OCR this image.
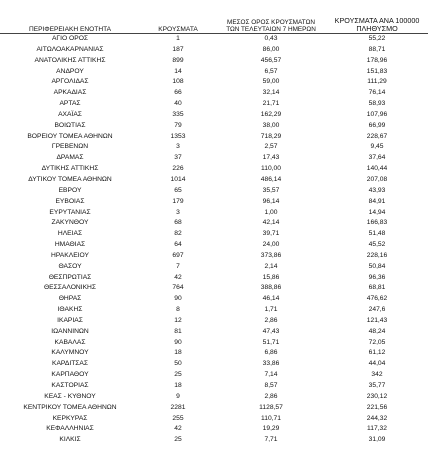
ΠΕΡΙΦΕΡΕΙΑΚΗ ΕΝΟΤΗΤΑ	ΚΡΟΥΣΜΑΤΑ	ΜΕΣΟΣ ΟΡΟΣ ΚΡΟΥΣΜΑΤΩΝ
ΤΩΝ ΤΕΛΕΥΤΑΙΩΝ 7 ΗΜΕΡΩΝ	ΚΡΟΥΣΜΑΤΑ ΑΝΑ 100000
ΠΛΗΘΥΣΜΟ

ΑΓΙΟ ΟΡΟΣ	1	0,43	55,22
ΑΙΤΩΛΟΑΚΑΡΝΑΝΙΑΣ	187	86,00	88,71
ΑΝΑΤΟΛΙΚΗΣ ΑΤΤΙΚΗΣ	899	456,57	178,96
ΑΝΔΡΟΥ	14	6,57	151,83
ΑΡΓΟΛΙΔΑΣ	108	59,00	111,29
ΑΡΚΑΔΙΑΣ	66	32,14	76,14
ΑΡΤΑΣ	40	21,71	58,93
ΑΧΑΪΑΣ	335	162,29	107,96
ΒΟΙΩΤΙΑΣ	79	38,00	66,99
ΒΟΡΕΙΟΥ ΤΟΜΕΑ ΑΘΗΝΩΝ	1353	718,29	228,67
ΓΡΕΒΕΝΩΝ	3	2,57	9,45
ΔΡΑΜΑΣ	37	17,43	37,64
ΔΥΤΙΚΗΣ ΑΤΤΙΚΗΣ	226	110,00	140,44
ΔΥΤΙΚΟΥ ΤΟΜΕΑ ΑΘΗΝΩΝ	1014	486,14	207,08
ΕΒΡΟΥ	65	35,57	43,93
ΕΥΒΟΙΑΣ	179	96,14	84,91
ΕΥΡΥΤΑΝΙΑΣ	3	1,00	14,94
ΖΑΚΥΝΘΟΥ	68	42,14	166,83
ΗΛΕΙΑΣ	82	39,71	51,48
ΗΜΑΘΙΑΣ	64	24,00	45,52
ΗΡΑΚΛΕΙΟΥ	697	373,86	228,16
ΘΑΣΟΥ	7	2,14	50,84
ΘΕΣΠΡΩΤΙΑΣ	42	15,86	96,36
ΘΕΣΣΑΛΟΝΙΚΗΣ	764	388,86	68,81
ΘΗΡΑΣ	90	46,14	476,62
ΙΘΑΚΗΣ	8	1,71	247,6
ΙΚΑΡΙΑΣ	12	2,86	121,43
ΙΩΑΝΝΙΝΩΝ	81	47,43	48,24
ΚΑΒΑΛΑΣ	90	51,71	72,05
ΚΑΛΥΜΝΟΥ	18	6,86	61,12
ΚΑΡΔΙΤΣΑΣ	50	33,86	44,04
ΚΑΡΠΑΘΟΥ	25	7,14	342
ΚΑΣΤΟΡΙΑΣ	18	8,57	35,77
ΚΕΑΣ - ΚΥΘΝΟΥ	9	2,86	230,12
ΚΕΝΤΡΙΚΟΥ ΤΟΜΕΑ ΑΘΗΝΩΝ	2281	1128,57	221,56
ΚΕΡΚΥΡΑΣ	255	110,71	244,32
ΚΕΦΑΛΛΗΝΙΑΣ	42	19,29	117,32
ΚΙΛΚΙΣ	25	7,71	31,09
